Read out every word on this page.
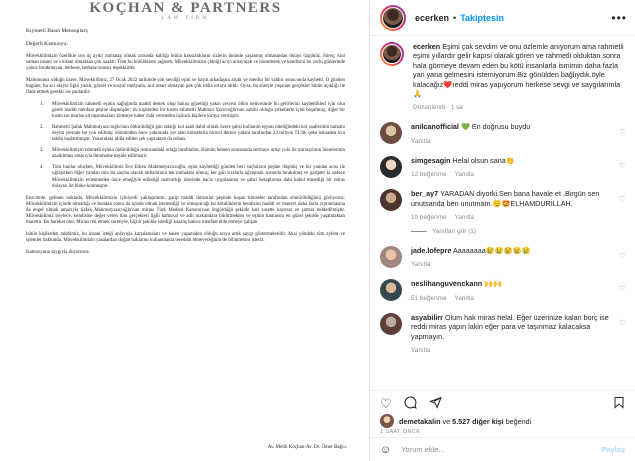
KOÇHAN & PARTNERS
LAW FIRM
Kıymetli Basın Mensupları;
Değerli Kamuoyu;
Müvekkilimizin özellikle son üç aydır muhatap olmak zorunda kaldığı bütün haksızlıkların sizlerin önünde yaşanmış olmasından dolayı üzgünüz. Süreç; kini zaman insani ve vicdani olmaktan çok uzaktı. Tüm bu kötülüklere rağmen, Müvekkilimizin çektiği acıyı anlayarak ve hissederek ve kendisini bu zorlu günlerinde yalnız bırakmayan, herkese, herkese sonsuz teşekkürler.
Malumunuz olduğu üzere, Müvekkilimiz, 27 Ocak 2022 tarihinde çok sevdiği eşini ve hayat arkadaşını alçak ve menfur bir saldırı sonucunda kaybetti. O günden bugüne, bu acı olayla ilgili yazılı, görsel ve sosyal medyada, asıl astarı olmayan pek çok iddia ortaya atıldı. Oysa, bu süreçte yaşanan gerçekler bütün açıklığı ile ifade etmek gerekir ise şunlardır:
1.	Müvekkilimizin rahmetli eşinin sağlığında maddi destek olup bakışı gözettiği yakın çevresi ölüm neticesinde bu gelirlerini kaybettikleri için olsa gerek maddi menfaat peşine düşmüşler; bu kişilerden bir kısmı rahmetli Mahmut Yazıcıoğlu'nun sahibi olduğu şirketlerin içini boşaltmış; diğer bir kısmı ise murise ait taşınmazları kimseye haber dahi vermeden üçüncü kişilere kiraya vermiştir.
2.	Rahmetli Şafak Mahmutyazıcıoğlu'nun öldürüldüğü gün taktığı kol saati dahil olmak üzere şahsi kullanım eşyası niteliğindeki kol saatlerinin tamamı deyim yerinde ise yok edilmiş; ölümünden önce yakınında yer alan kimselerin birinci derece yakını tarafından 22 milyon TL'lik çeke istinaden icra takibi başlatılmıştır. Yukarıdaki iddia edilen çek yapraktan da cebası.
3.	Müvekkilimizin rahmetli eşinin öldürüldüğü restorandaki ortağı tarafından, ölümün hemen sonrasında sermaye artışı yolu ile mirasçıların hisselerinin azaltılması amacıyla ihtarname keşide edilmiştir.
4.	Tüm bunlar olurken, Müvekkilimiz Ece Erken Mahmutyazıcıoğlu, eşini kaybettiği günden beri suçluların peşine düşmüş ve bir yandan acısı ile uğraşırken diğer yandan tüm bu saçma alacak iddialarının tek muhatabı olmuş; her gün icralarla uğraşmak zorunda bırakılmış ve garipter ki sadece Müvekkilimizin evlenmeden önce emeğiyle edindiği malvarlığı üzerinde haciz uygulanmış ve şahsi hesaplarına dahi kabul etmediği bir miras dolayısı ile bloke konmuştur.
Eezcümle, gelinen noktada, Müvekkilimizin iyiniyetli yaklaşımımı, garip maddi ihtiraslar peşinde koşan kimseler tarafından sömürüldüğünü görüyoruz. Müvekkilimizin içinde olmadığı ve bundan sonra da içinde olmak istemediği ve olmayacağı bu kötülüklerin kendisini maddi ve manevi daha fazla yıpratmasına da engel olmak amacıyla Şafak Mahmutyazıcıoğlu'nun mirası Türk Medeni Kanunu'nun öngördüğü şekilde kati surette kayıtsız ve şartsız reddedilmiştir. Müvekkilimiz böylece, kendisine değer veren tüm gerçekleri ilgili kamusal ve adli makamlara bildirmekten ve eşinin hatırasını en güzel şekilde yaşatmaktan ibarettir. Bu hareket olur. Mirası red etmek suretiyle, hiçbir şekilde istediği kazanç haksız menfaat elde etmeye çalışan
bütün kişilerden talebimiz, bu insani isteği anlayışla karşılamaları ve halen yaşamakta olduğu acıya artık saygı göstermeleridir. Aksi yöndeki tüm eylem ve işlemler hakkında, Müvekkilimizin yasalardan doğan haklarını kullanmakta tereddüt etmeyeceğinin de bilinmesini isteriz.
Kamuoyuna saygıyla duyururuz.
Av. Melih Koçhan-Av. Dr. Ömer Bağcı.
ecerken • Takiptesin	•••
ecerken Eşimi çok sevdim ve onu özlemle anıyorum ama rahmetli eşimi yıllardır gelir kapısı olarak gören ve rahmetli olduktan sonra hala görmeye devam eden bu kötü insanlarla ismimin daha fazla yan yana gelmesini istemiyorum.Biz gönülden bağlıydık.öyle kalacağız❤️reddi miras yapıyorum herkese sevgi ve saygılarımla🙏
Düzenlendi · 1 sa
anilcanofficial 💚 En doğrusu buydu
Yanıtla
♡
simgesagin Helal olsun sana👏
12 beğenme Yanıtla
♡
ber_ay7 YARADAN diyorki.Sen bana havale et .Birgün sen unutsanda ben unutmam.😌🤩ELHAMDURİLLAH.
19 beğenme Yanıtla
♡
Yanıtları gör (1)
jade.lofepre Aaaaaaaa😢😢😢😢😢
Yanıtla
♡
neslihanguvenckann 🙌🙌
51 beğenme Yanıtla
♡
asyabilirr Olum hak miras helal. Eğer üzerinize kalan borç ise reddi miras yapın lakin eğer para ve taşınmaz kalacaksa yapmayın.
Yanıtla
♡
♡
demetakalin ve 5.527 diğer kişi beğendi
1 SAAT ÖNCE
☺
Yorum ekle...	Paylaş
